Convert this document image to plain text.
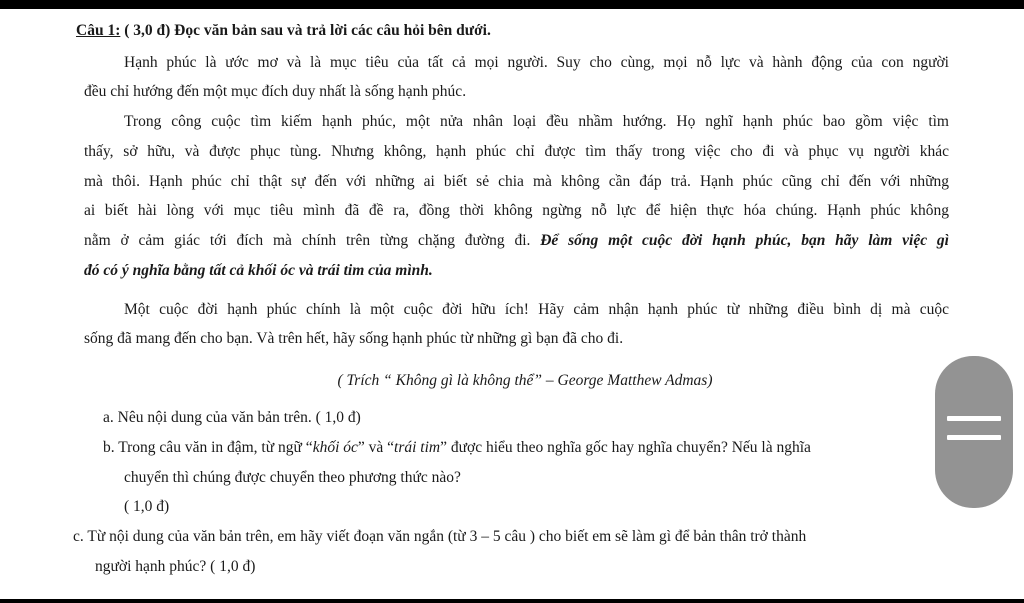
Câu 1: ( 3,0 đ) Đọc văn bản sau và trả lời các câu hỏi bên dưới.
Hạnh phúc là ước mơ và là mục tiêu của tất cả mọi người. Suy cho cùng, mọi nỗ lực và hành động của con người
đều chỉ hướng đến một mục đích duy nhất là sống hạnh phúc.
Trong công cuộc tìm kiếm hạnh phúc, một nửa nhân loại đều nhầm hướng. Họ nghĩ hạnh phúc bao gồm việc tìm
thấy, sở hữu, và được phục tùng. Nhưng không, hạnh phúc chỉ được tìm thấy trong việc cho đi và phục vụ người khác
mà thôi. Hạnh phúc chỉ thật sự đến với những ai biết sẻ chia mà không cần đáp trả. Hạnh phúc cũng chỉ đến với những
ai biết hài lòng với mục tiêu mình đã đề ra, đồng thời không ngừng nỗ lực để hiện thực hóa chúng. Hạnh phúc không
nằm ở cảm giác tới đích mà chính trên từng chặng đường đi. Để sống một cuộc đời hạnh phúc, bạn hãy làm việc gì
đó có ý nghĩa bằng tất cả khối óc và trái tim của mình.
Một cuộc đời hạnh phúc chính là một cuộc đời hữu ích! Hãy cảm nhận hạnh phúc từ những điều bình dị mà cuộc
sống đã mang đến cho bạn. Và trên hết, hãy sống hạnh phúc từ những gì bạn đã cho đi.
( Trích “ Không gì là không thể” – George Matthew Admas)
a. Nêu nội dung của văn bản trên. ( 1,0 đ)
b. Trong câu văn in đậm, từ ngữ “khối óc” và “trái tim” được hiểu theo nghĩa gốc hay nghĩa chuyển? Nếu là nghĩa
chuyển thì chúng được chuyển theo phương thức nào?
( 1,0 đ)
c. Từ nội dung của văn bản trên, em hãy viết đoạn văn ngắn (từ 3 – 5 câu ) cho biết em sẽ làm gì để bản thân trở thành
người hạnh phúc? ( 1,0 đ)
